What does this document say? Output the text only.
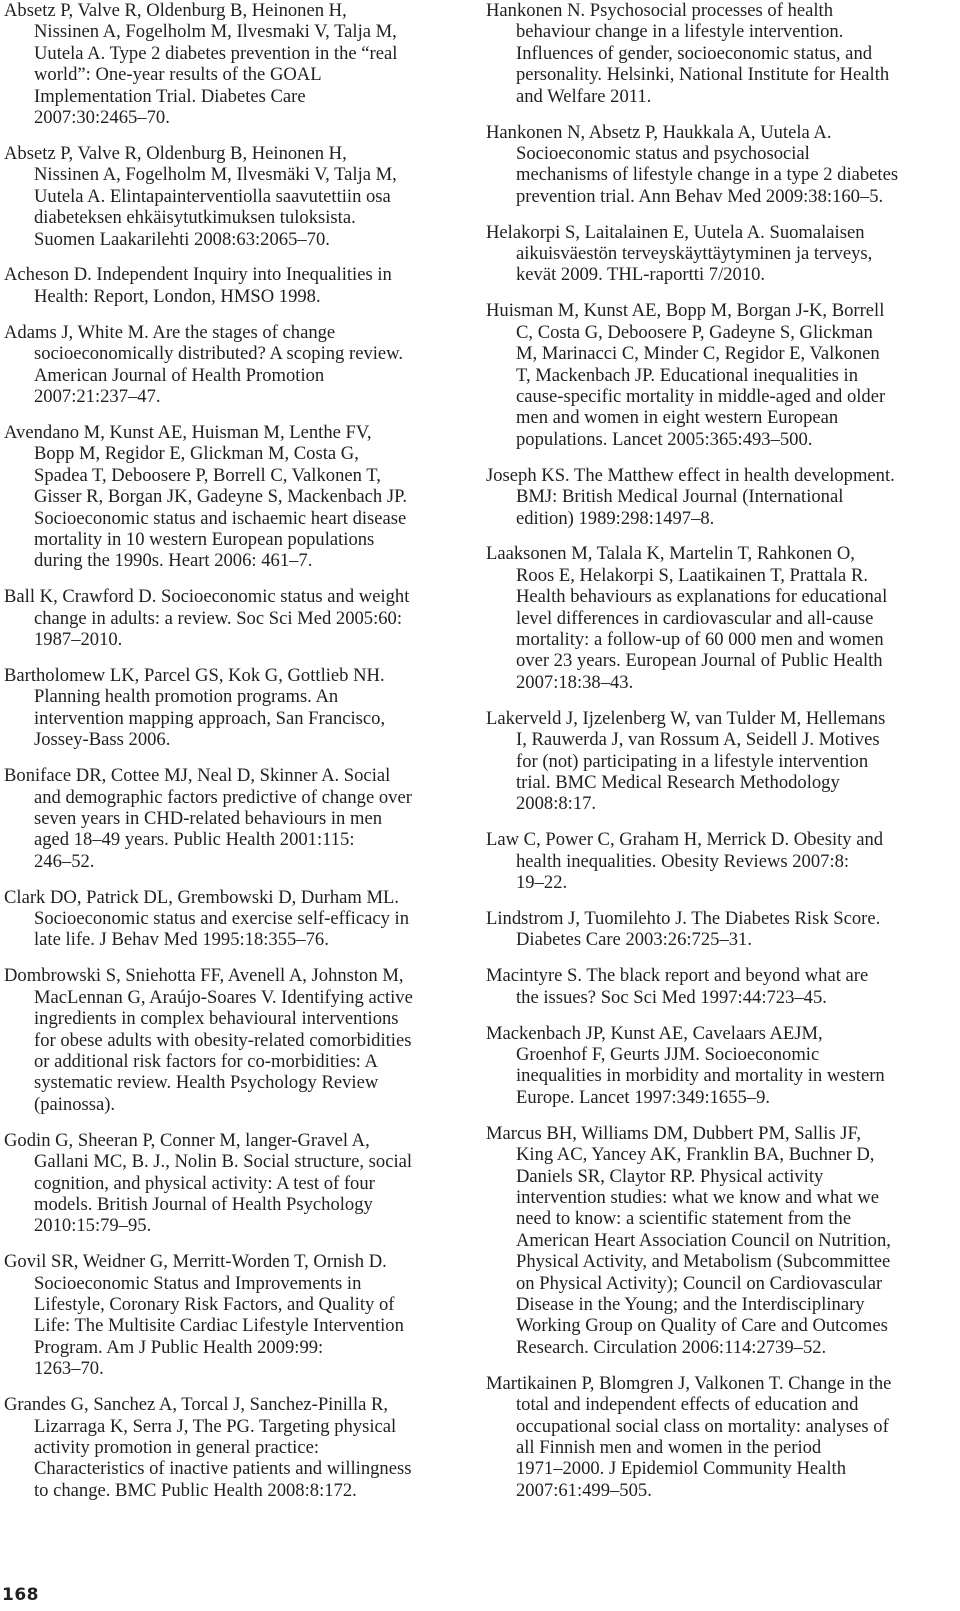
Absetz P, Valve R, Oldenburg B, Heinonen H,
Nissinen A, Fogelholm M, Ilvesmaki V, Talja M,
Uutela A. Type 2 diabetes prevention in the “real
world”: One-year results of the GOAL
Implementation Trial. Diabetes Care
2007:30:2465–70.

Absetz P, Valve R, Oldenburg B, Heinonen H,
Nissinen A, Fogelholm M, Ilvesmäki V, Talja M,
Uutela A. Elintapainterventiolla saavutettiin osa
diabeteksen ehkäisytutkimuksen tuloksista.
Suomen Laakarilehti 2008:63:2065–70.

Acheson D. Independent Inquiry into Inequalities in
Health: Report, London, HMSO 1998.

Adams J, White M. Are the stages of change
socioeconomically distributed? A scoping review.
American Journal of Health Promotion
2007:21:237–47.

Avendano M, Kunst AE, Huisman M, Lenthe FV,
Bopp M, Regidor E, Glickman M, Costa G,
Spadea T, Deboosere P, Borrell C, Valkonen T,
Gisser R, Borgan JK, Gadeyne S, Mackenbach JP.
Socioeconomic status and ischaemic heart disease
mortality in 10 western European populations
during the 1990s. Heart 2006: 461–7.

Ball K, Crawford D. Socioeconomic status and weight
change in adults: a review. Soc Sci Med 2005:60:
1987–2010.

Bartholomew LK, Parcel GS, Kok G, Gottlieb NH.
Planning health promotion programs. An
intervention mapping approach, San Francisco,
Jossey-Bass 2006.

Boniface DR, Cottee MJ, Neal D, Skinner A. Social
and demographic factors predictive of change over
seven years in CHD-related behaviours in men
aged 18–49 years. Public Health 2001:115:
246–52.

Clark DO, Patrick DL, Grembowski D, Durham ML.
Socioeconomic status and exercise self-efficacy in
late life. J Behav Med 1995:18:355–76.

Dombrowski S, Sniehotta FF, Avenell A, Johnston M,
MacLennan G, Araújo-Soares V. Identifying active
ingredients in complex behavioural interventions
for obese adults with obesity-related comorbidities
or additional risk factors for co-morbidities: A
systematic review. Health Psychology Review
(painossa).

Godin G, Sheeran P, Conner M, langer-Gravel A,
Gallani MC, B. J., Nolin B. Social structure, social
cognition, and physical activity: A test of four
models. British Journal of Health Psychology
2010:15:79–95.

Govil SR, Weidner G, Merritt-Worden T, Ornish D.
Socioeconomic Status and Improvements in
Lifestyle, Coronary Risk Factors, and Quality of
Life: The Multisite Cardiac Lifestyle Intervention
Program. Am J Public Health 2009:99:
1263–70.

Grandes G, Sanchez A, Torcal J, Sanchez-Pinilla R,
Lizarraga K, Serra J, The PG. Targeting physical
activity promotion in general practice:
Characteristics of inactive patients and willingness
to change. BMC Public Health 2008:8:172.

Hankonen N. Psychosocial processes of health
behaviour change in a lifestyle intervention.
Influences of gender, socioeconomic status, and
personality. Helsinki, National Institute for Health
and Welfare 2011.

Hankonen N, Absetz P, Haukkala A, Uutela A.
Socioeconomic status and psychosocial
mechanisms of lifestyle change in a type 2 diabetes
prevention trial. Ann Behav Med 2009:38:160–5.

Helakorpi S, Laitalainen E, Uutela A. Suomalaisen
aikuisväestön terveyskäyttäytyminen ja terveys,
kevät 2009. THL-raportti 7/2010.

Huisman M, Kunst AE, Bopp M, Borgan J-K, Borrell
C, Costa G, Deboosere P, Gadeyne S, Glickman
M, Marinacci C, Minder C, Regidor E, Valkonen
T, Mackenbach JP. Educational inequalities in
cause-specific mortality in middle-aged and older
men and women in eight western European
populations. Lancet 2005:365:493–500.

Joseph KS. The Matthew effect in health development.
BMJ: British Medical Journal (International
edition) 1989:298:1497–8.

Laaksonen M, Talala K, Martelin T, Rahkonen O,
Roos E, Helakorpi S, Laatikainen T, Prattala R.
Health behaviours as explanations for educational
level differences in cardiovascular and all-cause
mortality: a follow-up of 60 000 men and women
over 23 years. European Journal of Public Health
2007:18:38–43.

Lakerveld J, Ijzelenberg W, van Tulder M, Hellemans
I, Rauwerda J, van Rossum A, Seidell J. Motives
for (not) participating in a lifestyle intervention
trial. BMC Medical Research Methodology
2008:8:17.

Law C, Power C, Graham H, Merrick D. Obesity and
health inequalities. Obesity Reviews 2007:8:
19–22.

Lindstrom J, Tuomilehto J. The Diabetes Risk Score.
Diabetes Care 2003:26:725–31.

Macintyre S. The black report and beyond what are
the issues? Soc Sci Med 1997:44:723–45.

Mackenbach JP, Kunst AE, Cavelaars AEJM,
Groenhof F, Geurts JJM. Socioeconomic
inequalities in morbidity and mortality in western
Europe. Lancet 1997:349:1655–9.

Marcus BH, Williams DM, Dubbert PM, Sallis JF,
King AC, Yancey AK, Franklin BA, Buchner D,
Daniels SR, Claytor RP. Physical activity
intervention studies: what we know and what we
need to know: a scientific statement from the
American Heart Association Council on Nutrition,
Physical Activity, and Metabolism (Subcommittee
on Physical Activity); Council on Cardiovascular
Disease in the Young; and the Interdisciplinary
Working Group on Quality of Care and Outcomes
Research. Circulation 2006:114:2739–52.

Martikainen P, Blomgren J, Valkonen T. Change in the
total and independent effects of education and
occupational social class on mortality: analyses of
all Finnish men and women in the period
1971–2000. J Epidemiol Community Health
2007:61:499–505.

168
